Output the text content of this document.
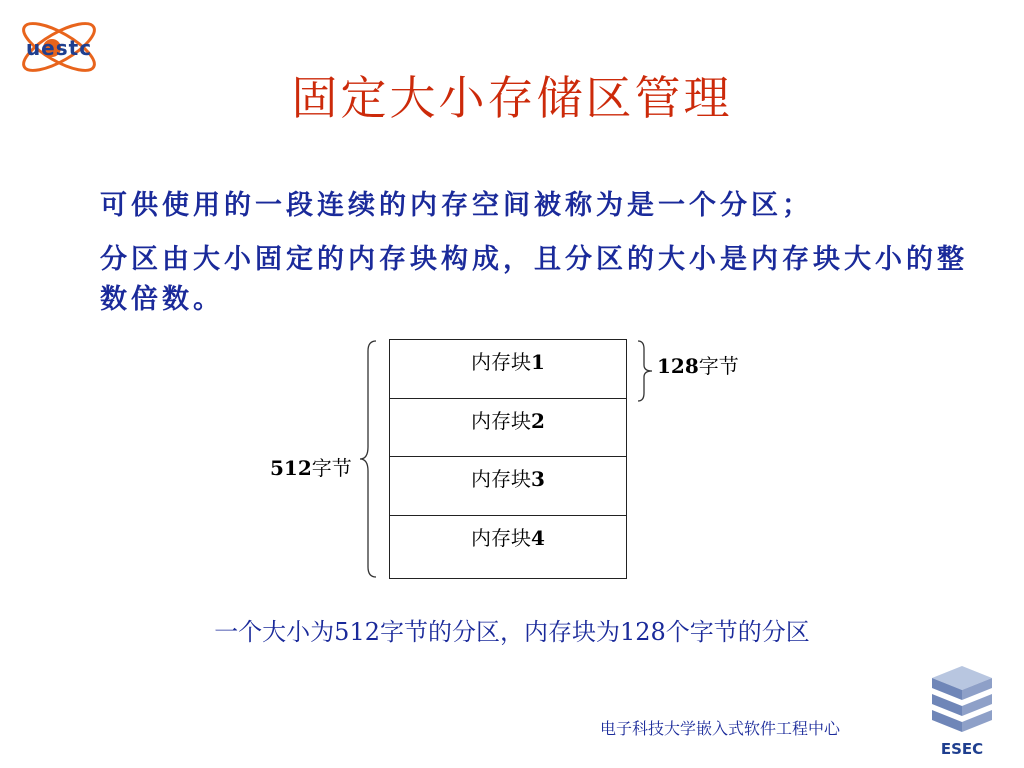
uestc
固定大小存储区管理
可供使用的一段连续的内存空间被称为是一个分区；
分区由大小固定的内存块构成，且分区的大小是内存块大小的整数倍数。
512字节
内存块1
内存块2
内存块3
内存块4
128字节
一个大小为512字节的分区，内存块为128个字节的分区
电子科技大学嵌入式软件工程中心
ESEC
